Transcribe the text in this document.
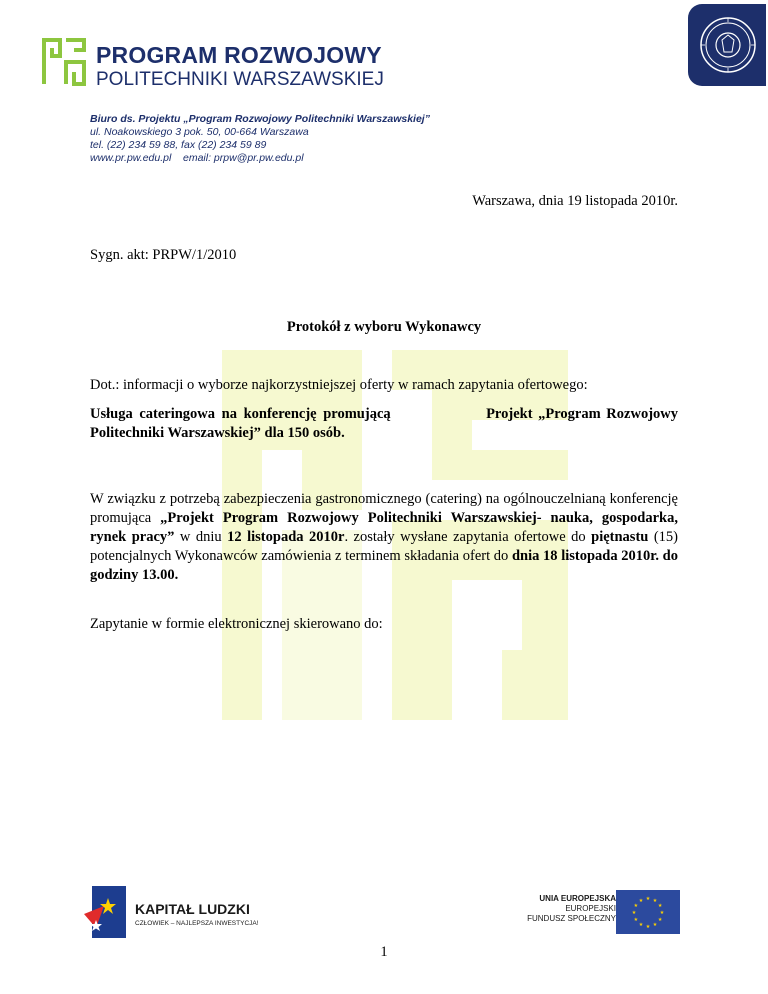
PROGRAM ROZWOJOWY
POLITECHNIKI WARSZAWSKIEJ
Biuro ds. Projektu „Program Rozwojowy Politechniki Warszawskiej”
ul. Noakowskiego 3 pok. 50, 00-664 Warszawa
tel. (22) 234 59 88, fax (22) 234 59 89
www.pr.pw.edu.pl email: prpw@pr.pw.edu.pl
Warszawa, dnia 19 listopada 2010r.
Sygn. akt: PRPW/1/2010
Protokół z wyboru Wykonawcy
Dot.: informacji o wyborze najkorzystniejszej oferty w ramach zapytania ofertowego:
Usługa cateringowa na konferencję promującą	Projekt „Program Rozwojowy
Politechniki Warszawskiej” dla 150 osób.
W związku z potrzebą zabezpieczenia gastronomicznego (catering) na ogólnouczelnianą konferencję promująca „Projekt Program Rozwojowy Politechniki Warszawskiej- nauka, gospodarka, rynek pracy” w dniu 12 listopada 2010r. zostały wysłane zapytania ofertowe do piętnastu (15) potencjalnych Wykonawców zamówienia z terminem składania ofert do dnia 18 listopada 2010r. do godziny 13.00.
Zapytanie w formie elektronicznej skierowano do:
KAPITAŁ LUDZKI
CZŁOWIEK – NAJLEPSZA INWESTYCJA!
1
UNIA EUROPEJSKA
EUROPEJSKI
FUNDUSZ SPOŁECZNY
★
★
★
★
★
★
★
★
★ ★ ★
★
